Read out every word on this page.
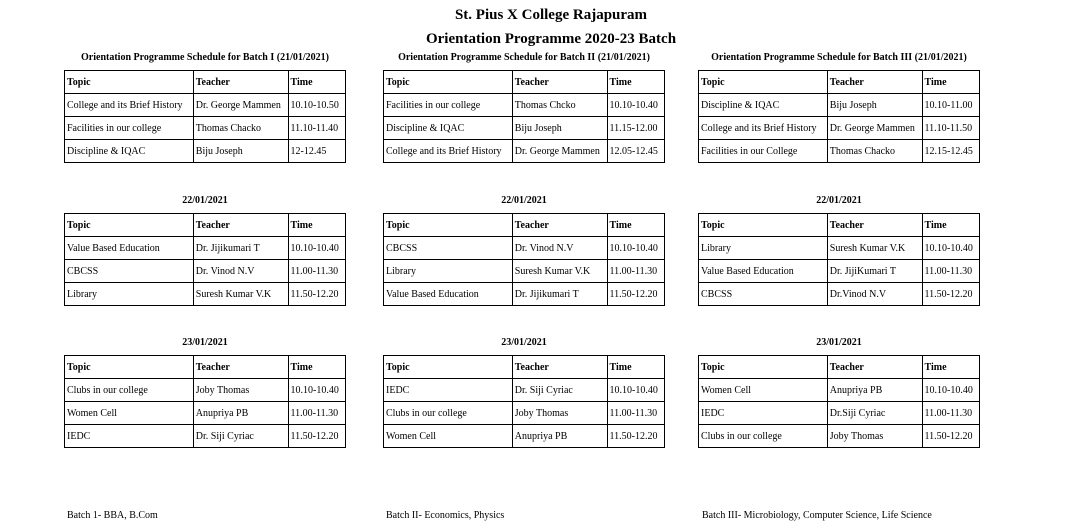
St. Pius X College Rajapuram
Orientation Programme 2020-23 Batch
Orientation Programme Schedule for Batch I (21/01/2021)
Topic	Teacher	Time
College and its Brief History	Dr. George Mammen	10.10-10.50
Facilities in our college	Thomas Chacko	11.10-11.40
Discipline & IQAC	Biju Joseph	12-12.45
22/01/2021
Topic	Teacher	Time
Value Based Education	Dr. Jijikumari T	10.10-10.40
CBCSS	Dr. Vinod N.V	11.00-11.30
Library	Suresh Kumar V.K	11.50-12.20
23/01/2021
Topic	Teacher	Time
Clubs in our college	Joby Thomas	10.10-10.40
Women Cell	Anupriya PB	11.00-11.30
IEDC	Dr. Siji Cyriac	11.50-12.20
Orientation Programme Schedule for Batch II (21/01/2021)
Topic	Teacher	Time
Facilities in our college	Thomas Chcko	10.10-10.40
Discipline & IQAC	Biju Joseph	11.15-12.00
College and its Brief History	Dr. George Mammen	12.05-12.45
22/01/2021
Topic	Teacher	Time
CBCSS	Dr. Vinod N.V	10.10-10.40
Library	Suresh Kumar V.K	11.00-11.30
Value Based Education	Dr. Jijikumari T	11.50-12.20
23/01/2021
Topic	Teacher	Time
IEDC	Dr. Siji Cyriac	10.10-10.40
Clubs in our college	Joby Thomas	11.00-11.30
Women Cell	Anupriya PB	11.50-12.20
Orientation Programme Schedule for Batch III (21/01/2021)
Topic	Teacher	Time
Discipline & IQAC	Biju Joseph	10.10-11.00
College and its Brief History	Dr. George Mammen	11.10-11.50
Facilities in our College	Thomas Chacko	12.15-12.45
22/01/2021
Topic	Teacher	Time
Library	Suresh Kumar V.K	10.10-10.40
Value Based Education	Dr. JijiKumari T	11.00-11.30
CBCSS	Dr.Vinod N.V	11.50-12.20
23/01/2021
Topic	Teacher	Time
Women Cell	Anupriya PB	10.10-10.40
IEDC	Dr.Siji Cyriac	11.00-11.30
Clubs in our college	Joby Thomas	11.50-12.20
Batch 1- BBA, B.Com	Batch II- Economics, Physics	Batch III- Microbiology, Computer Science, Life Science
